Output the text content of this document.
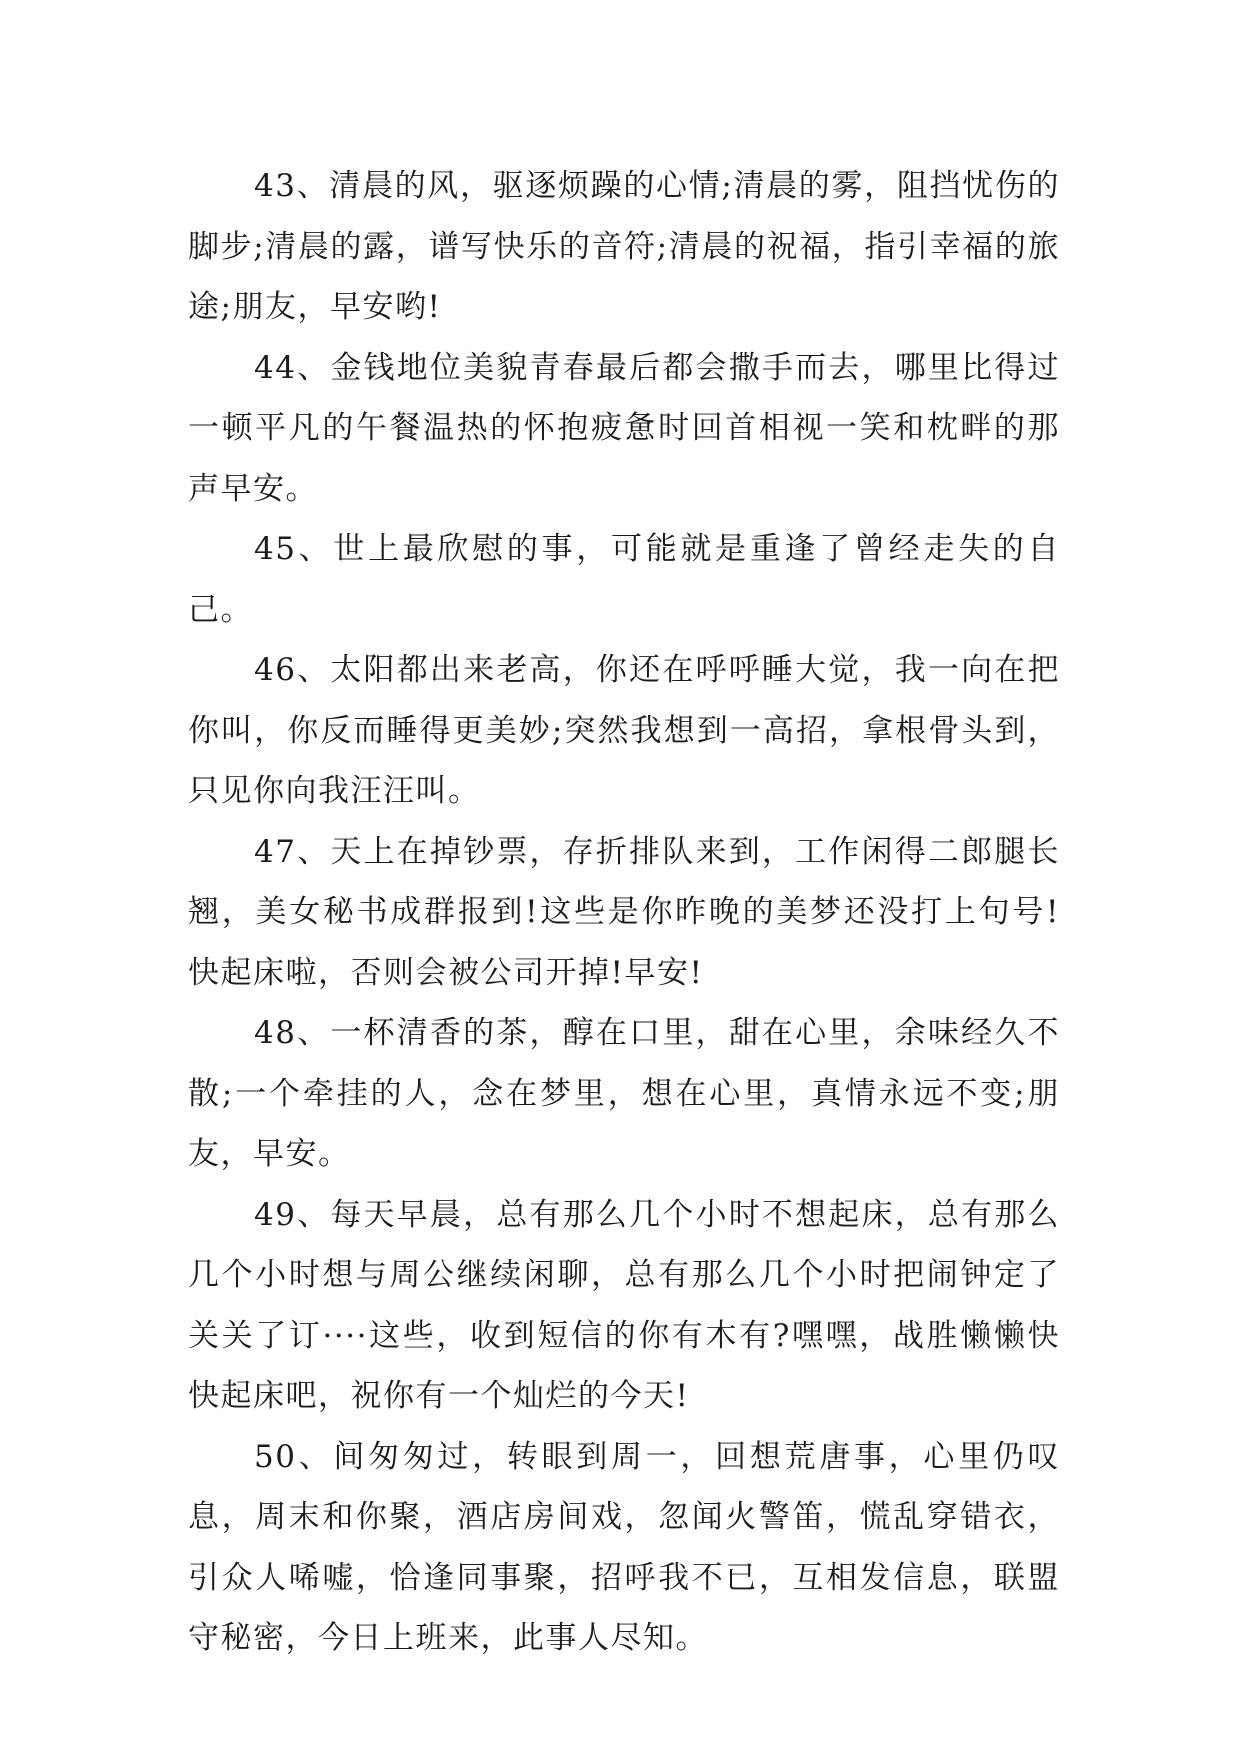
43、清晨的风，驱逐烦躁的心情;清晨的雾，阻挡忧伤的脚步;清晨的露，谱写快乐的音符;清晨的祝福，指引幸福的旅途;朋友，早安哟!

44、金钱地位美貌青春最后都会撒手而去，哪里比得过一顿平凡的午餐温热的怀抱疲惫时回首相视一笑和枕畔的那声早安。

45、世上最欣慰的事，可能就是重逢了曾经走失的自己。

46、太阳都出来老高，你还在呼呼睡大觉，我一向在把你叫，你反而睡得更美妙;突然我想到一高招，拿根骨头到，只见你向我汪汪叫。

47、天上在掉钞票，存折排队来到，工作闲得二郎腿长翘，美女秘书成群报到!这些是你昨晚的美梦还没打上句号!快起床啦，否则会被公司开掉!早安!

48、一杯清香的茶，醇在口里，甜在心里，余味经久不散;一个牵挂的人，念在梦里，想在心里，真情永远不变;朋友，早安。

49、每天早晨，总有那么几个小时不想起床，总有那么几个小时想与周公继续闲聊，总有那么几个小时把闹钟定了关关了订····这些，收到短信的你有木有?嘿嘿，战胜懒懒快快起床吧，祝你有一个灿烂的今天!

50、间匆匆过，转眼到周一，回想荒唐事，心里仍叹息，周末和你聚，酒店房间戏，忽闻火警笛，慌乱穿错衣，引众人唏嘘，恰逢同事聚，招呼我不已，互相发信息，联盟守秘密，今日上班来，此事人尽知。
